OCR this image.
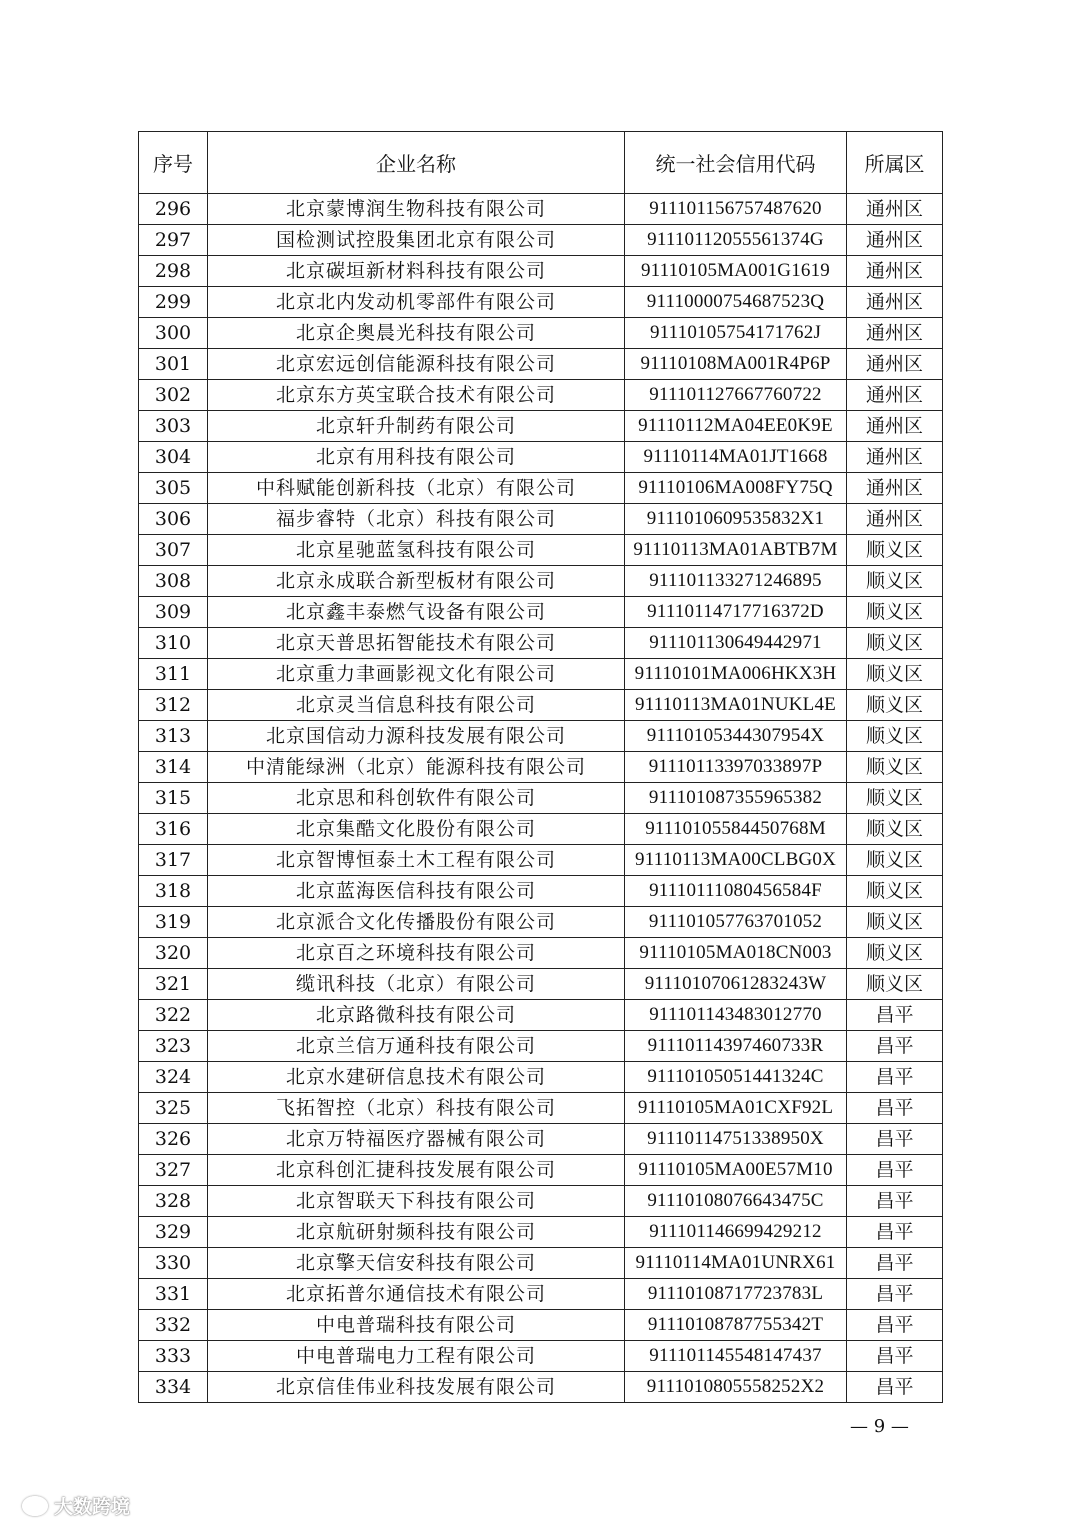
序号	企业名称	统一社会信用代码	所属区
296	北京蒙博润生物科技有限公司	911101156757487620	通州区
297	国检测试控股集团北京有限公司	91110112055561374G	通州区
298	北京碳垣新材料科技有限公司	91110105MA001G1619	通州区
299	北京北内发动机零部件有限公司	91110000754687523Q	通州区
300	北京企奥晨光科技有限公司	91110105754171762J	通州区
301	北京宏远创信能源科技有限公司	91110108MA001R4P6P	通州区
302	北京东方英宝联合技术有限公司	911101127667760722	通州区
303	北京轩升制药有限公司	91110112MA04EE0K9E	通州区
304	北京有用科技有限公司	91110114MA01JT1668	通州区
305	中科赋能创新科技（北京）有限公司	91110106MA008FY75Q	通州区
306	福步睿特（北京）科技有限公司	9111010609535832X1	通州区
307	北京星驰蓝氢科技有限公司	91110113MA01ABTB7M	顺义区
308	北京永成联合新型板材有限公司	911101133271246895	顺义区
309	北京鑫丰泰燃气设备有限公司	91110114717716372D	顺义区
310	北京天普思拓智能技术有限公司	911101130649442971	顺义区
311	北京重力聿画影视文化有限公司	91110101MA006HKX3H	顺义区
312	北京灵当信息科技有限公司	91110113MA01NUKL4E	顺义区
313	北京国信动力源科技发展有限公司	91110105344307954X	顺义区
314	中清能绿洲（北京）能源科技有限公司	91110113397033897P	顺义区
315	北京思和科创软件有限公司	911101087355965382	顺义区
316	北京集酷文化股份有限公司	91110105584450768M	顺义区
317	北京智博恒泰土木工程有限公司	91110113MA00CLBG0X	顺义区
318	北京蓝海医信科技有限公司	91110111080456584F	顺义区
319	北京派合文化传播股份有限公司	911101057763701052	顺义区
320	北京百之环境科技有限公司	91110105MA018CN003	顺义区
321	缆讯科技（北京）有限公司	91110107061283243W	顺义区
322	北京路微科技有限公司	911101143483012770	昌平
323	北京兰信万通科技有限公司	91110114397460733R	昌平
324	北京水建研信息技术有限公司	91110105051441324C	昌平
325	飞拓智控（北京）科技有限公司	91110105MA01CXF92L	昌平
326	北京万特福医疗器械有限公司	91110114751338950X	昌平
327	北京科创汇捷科技发展有限公司	91110105MA00E57M10	昌平
328	北京智联天下科技有限公司	91110108076643475C	昌平
329	北京航研射频科技有限公司	911101146699429212	昌平
330	北京擎天信安科技有限公司	91110114MA01UNRX61	昌平
331	北京拓普尔通信技术有限公司	91110108717723783L	昌平
332	中电普瑞科技有限公司	91110108787755342T	昌平
333	中电普瑞电力工程有限公司	911101145548147437	昌平
334	北京信佳伟业科技发展有限公司	9111010805558252X2	昌平
— 9 —
大数跨境
